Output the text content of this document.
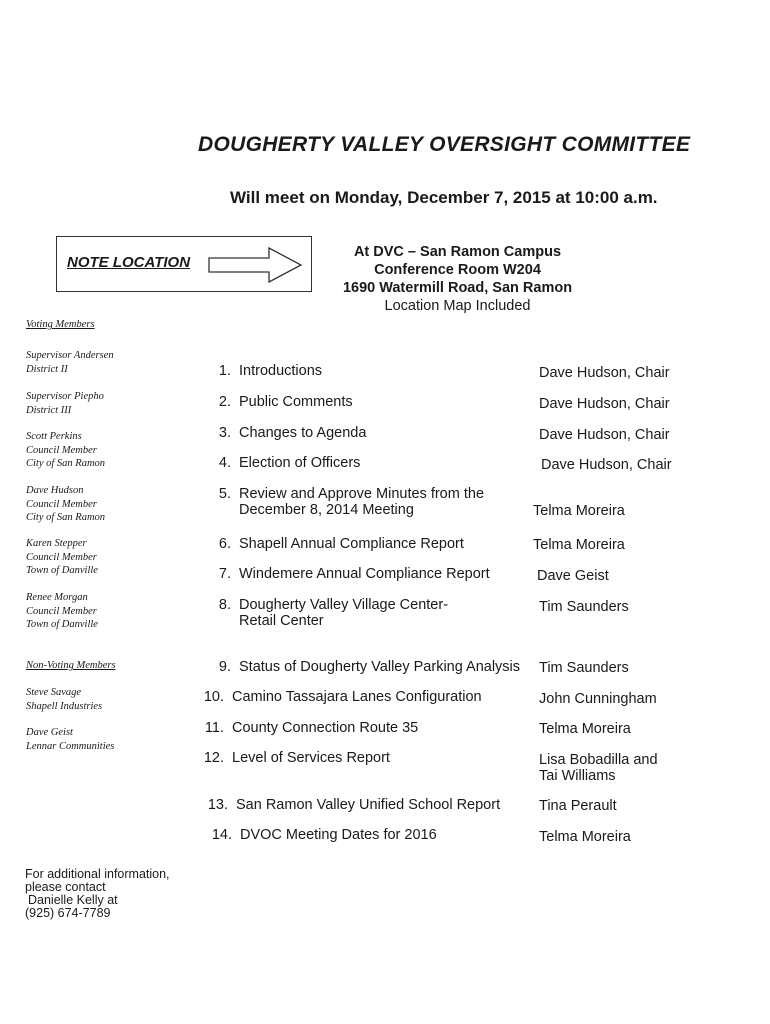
DOUGHERTY VALLEY OVERSIGHT COMMITTEE
Will meet on Monday, December 7, 2015 at 10:00 a.m.
NOTE LOCATION
At DVC – San Ramon Campus
Conference Room W204
1690 Watermill Road, San Ramon
Location Map Included
Voting Members
Supervisor Andersen
District II
Supervisor Piepho
District III
Scott Perkins
Council Member
City of San Ramon
Dave Hudson
Council Member
City of San Ramon
Karen Stepper
Council Member
Town of Danville
Renee Morgan
Council Member
Town of Danville
Non-Voting Members
Steve Savage
Shapell Industries
Dave Geist
Lennar Communities
1. Introductions	Dave Hudson, Chair
2. Public Comments	Dave Hudson, Chair
3. Changes to Agenda	Dave Hudson, Chair
4. Election of Officers	Dave Hudson, Chair
5. Review and Approve Minutes from the
December 8, 2014 Meeting	Telma Moreira
6. Shapell Annual Compliance Report	Telma Moreira
7. Windemere Annual Compliance Report	Dave Geist
8. Dougherty Valley Village Center-
Retail Center
Tim Saunders
9. Status of Dougherty Valley Parking Analysis Tim Saunders
10. Camino Tassajara Lanes Configuration	John Cunningham
11. County Connection Route 35	Telma Moreira
12. Level of Services Report	Lisa Bobadilla and
Tai Williams
13. San Ramon Valley Unified School Report	Tina Perault
14. DVOC Meeting Dates for 2016	Telma Moreira
For additional information,
please contact
Danielle Kelly at
(925) 674-7789
